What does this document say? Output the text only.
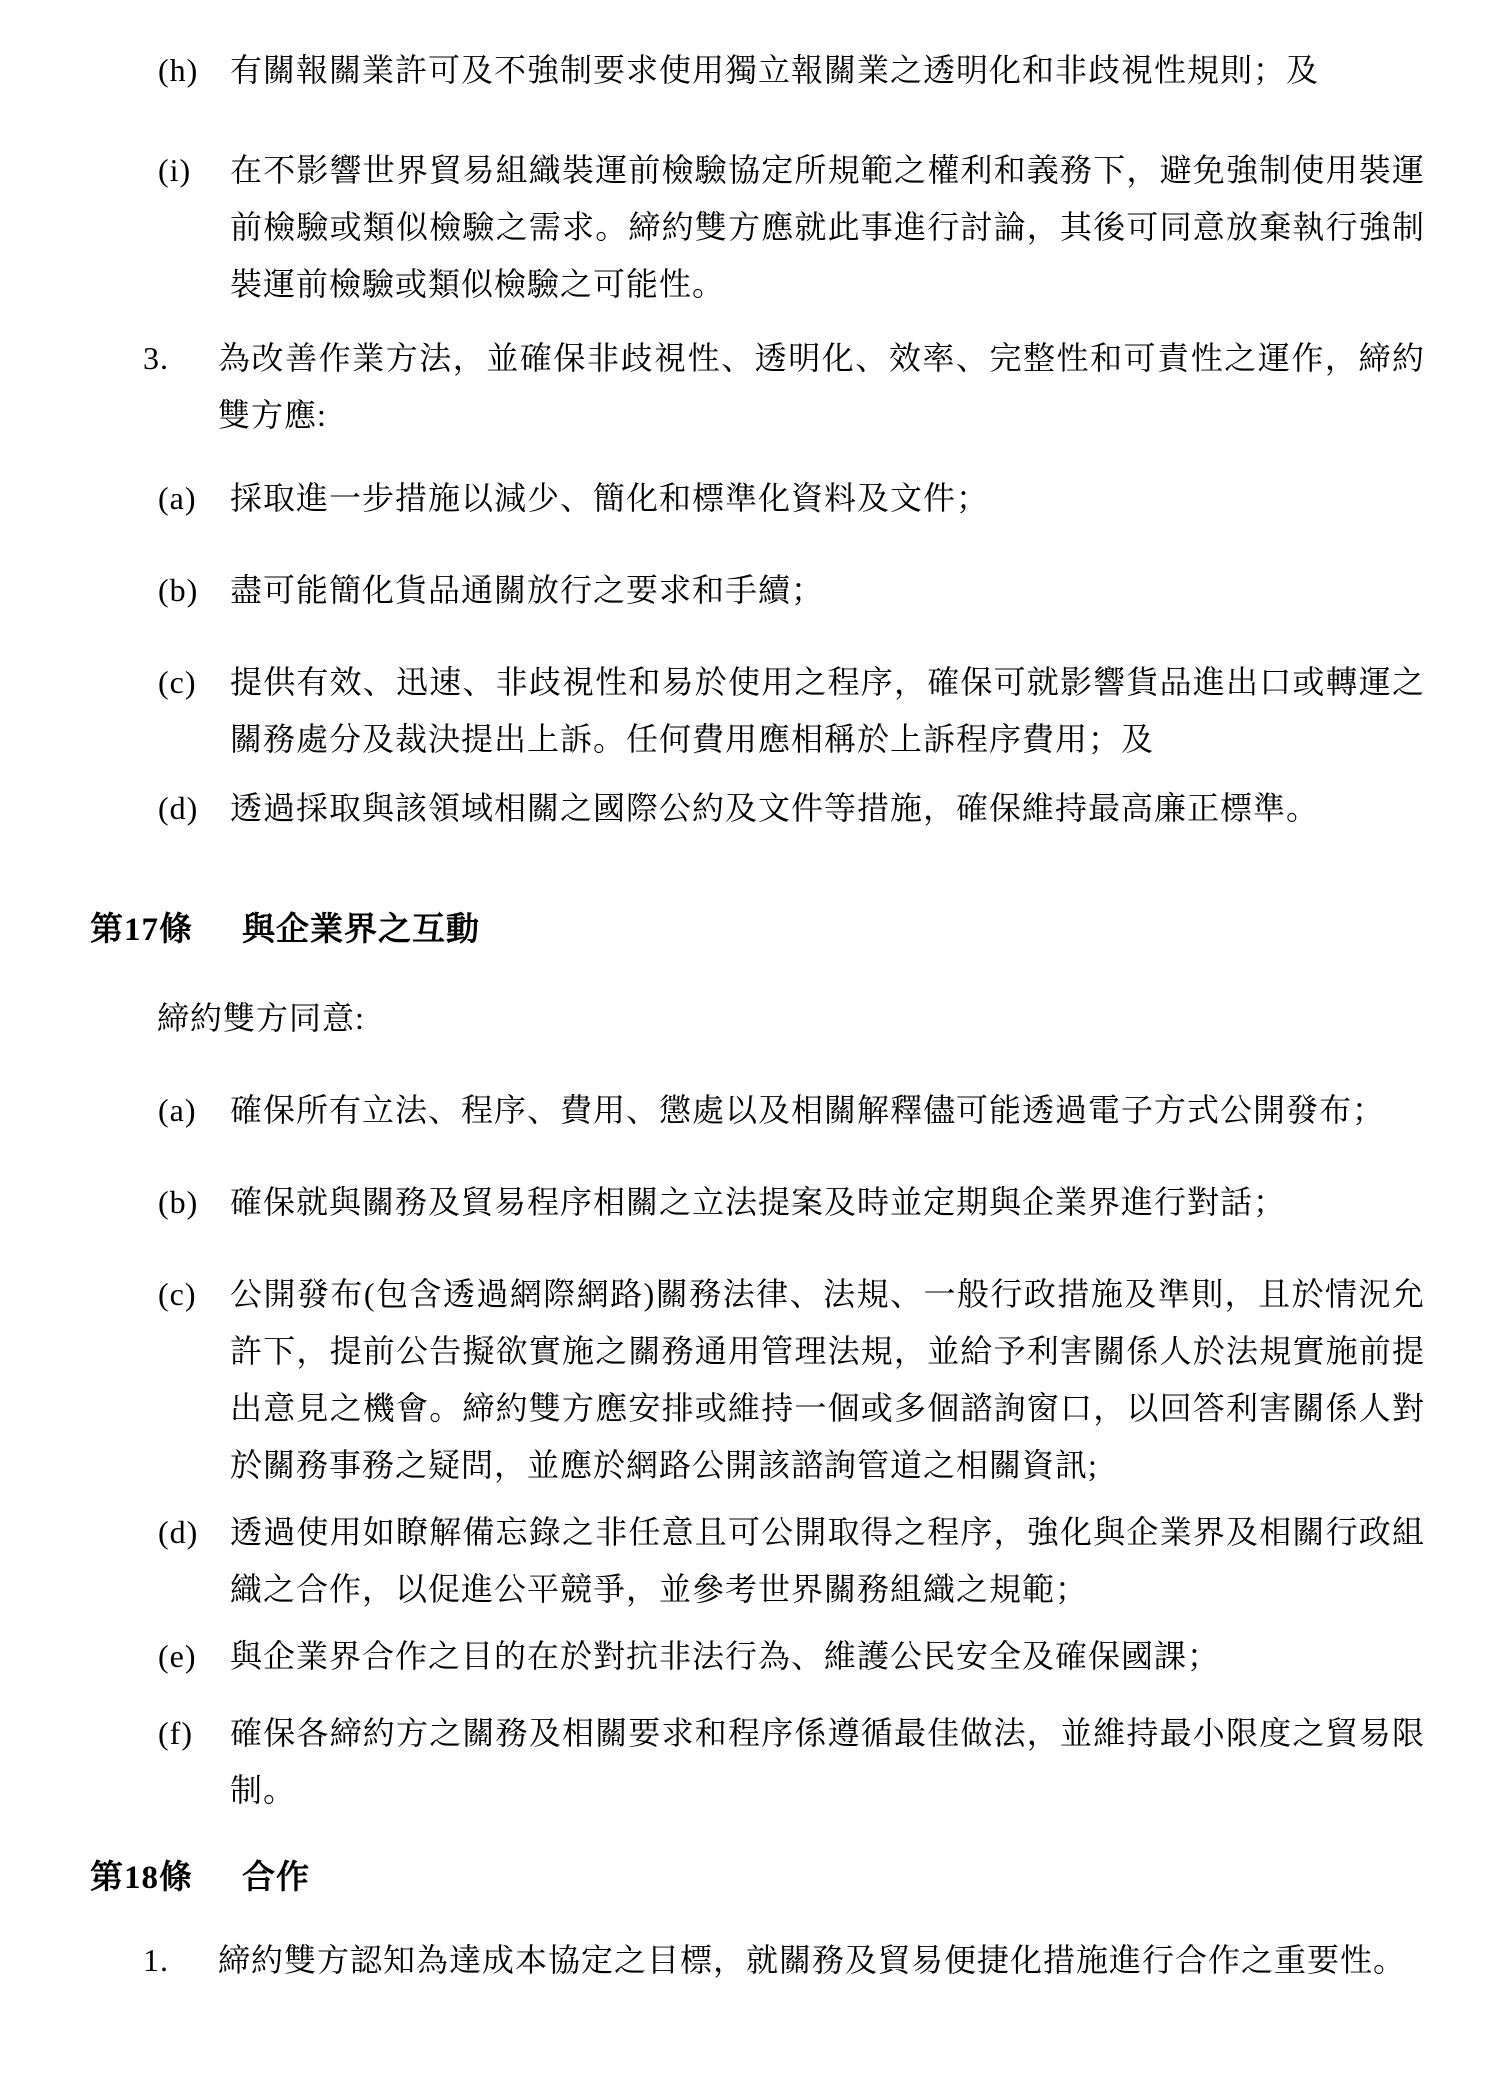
(h) 有關報關業許可及不強制要求使用獨立報關業之透明化和非歧視性規則；及
(i) 在不影響世界貿易組織裝運前檢驗協定所規範之權利和義務下，避免強制使用裝運前檢驗或類似檢驗之需求。締約雙方應就此事進行討論，其後可同意放棄執行強制裝運前檢驗或類似檢驗之可能性。
3. 為改善作業方法，並確保非歧視性、透明化、效率、完整性和可責性之運作，締約雙方應:
(a) 採取進一步措施以減少、簡化和標準化資料及文件；
(b) 盡可能簡化貨品通關放行之要求和手續；
(c) 提供有效、迅速、非歧視性和易於使用之程序，確保可就影響貨品進出口或轉運之關務處分及裁決提出上訴。任何費用應相稱於上訴程序費用；及
(d) 透過採取與該領域相關之國際公約及文件等措施，確保維持最高廉正標準。
第17條 與企業界之互動
締約雙方同意:
(a) 確保所有立法、程序、費用、懲處以及相關解釋儘可能透過電子方式公開發布；
(b) 確保就與關務及貿易程序相關之立法提案及時並定期與企業界進行對話；
(c) 公開發布(包含透過網際網路)關務法律、法規、一般行政措施及準則，且於情況允許下，提前公告擬欲實施之關務通用管理法規，並給予利害關係人於法規實施前提出意見之機會。締約雙方應安排或維持一個或多個諮詢窗口，以回答利害關係人對於關務事務之疑問，並應於網路公開該諮詢管道之相關資訊;
(d) 透過使用如瞭解備忘錄之非任意且可公開取得之程序，強化與企業界及相關行政組織之合作，以促進公平競爭，並參考世界關務組織之規範；
(e) 與企業界合作之目的在於對抗非法行為、維護公民安全及確保國課；
(f) 確保各締約方之關務及相關要求和程序係遵循最佳做法，並維持最小限度之貿易限制。
第18條 合作
1. 締約雙方認知為達成本協定之目標，就關務及貿易便捷化措施進行合作之重要性。
